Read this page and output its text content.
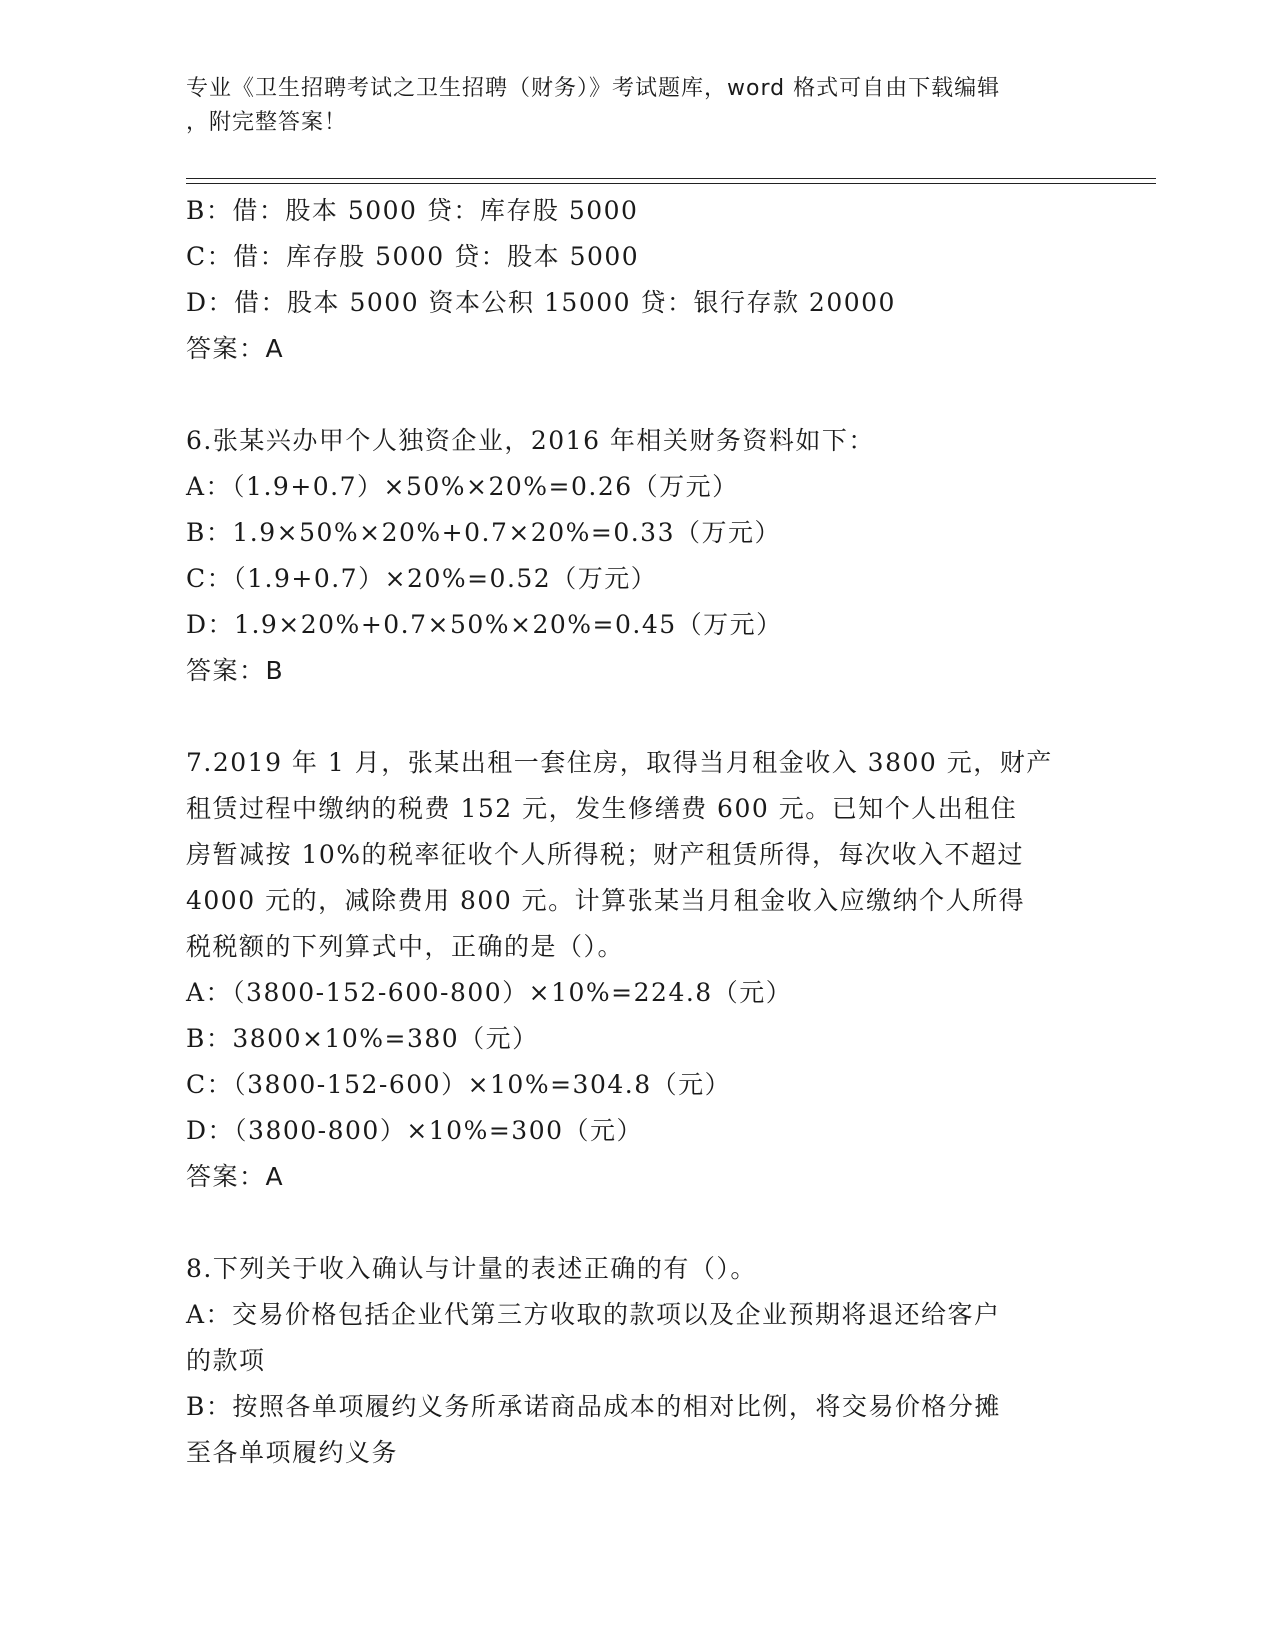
专业《卫生招聘考试之卫生招聘（财务）》考试题库，word 格式可自由下载编辑
，附完整答案！
B：借：股本 5000 贷：库存股 5000
C：借：库存股 5000 贷：股本 5000
D：借：股本 5000 资本公积 15000 贷：银行存款 20000
答案：A
6.张某兴办甲个人独资企业，2016 年相关财务资料如下：
A：（1.9+0.7）×50%×20%=0.26（万元）
B：1.9×50%×20%+0.7×20%=0.33（万元）
C：（1.9+0.7）×20%=0.52（万元）
D：1.9×20%+0.7×50%×20%=0.45（万元）
答案：B
7.2019 年 1 月，张某出租一套住房，取得当月租金收入 3800 元，财产
租赁过程中缴纳的税费 152 元，发生修缮费 600 元。已知个人出租住
房暂减按 10%的税率征收个人所得税；财产租赁所得，每次收入不超过
4000 元的，减除费用 800 元。计算张某当月租金收入应缴纳个人所得
税税额的下列算式中，正确的是（）。
A：（3800-152-600-800）×10%=224.8（元）
B：3800×10%=380（元）
C：（3800-152-600）×10%=304.8（元）
D：（3800-800）×10%=300（元）
答案：A
8.下列关于收入确认与计量的表述正确的有（）。
A：交易价格包括企业代第三方收取的款项以及企业预期将退还给客户
的款项
B：按照各单项履约义务所承诺商品成本的相对比例，将交易价格分摊
至各单项履约义务
